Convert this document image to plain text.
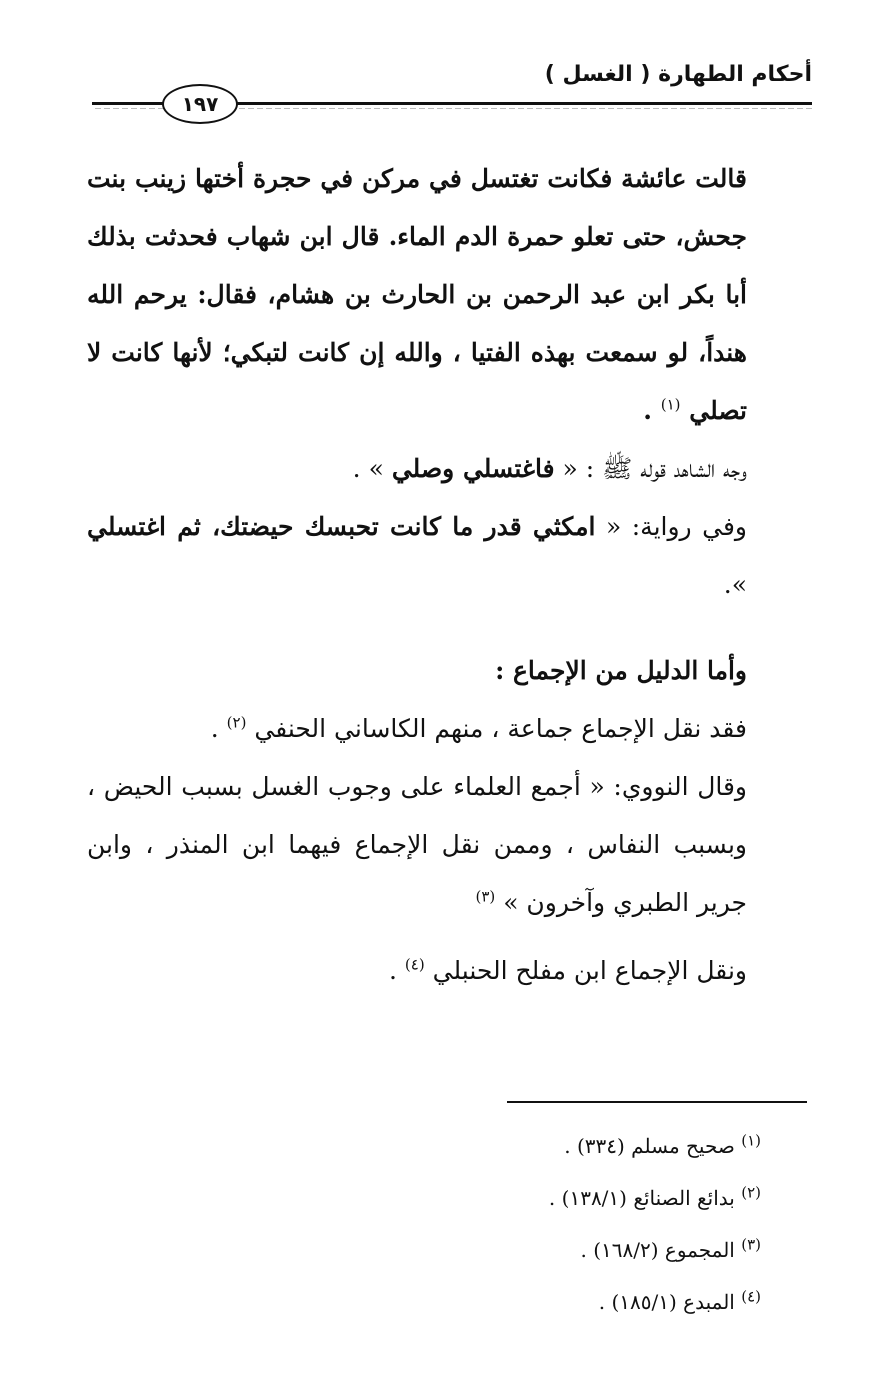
أحكام الطهارة ( الغسل )
١٩٧

قالت عائشة فكانت تغتسل في مركن في حجرة أختها زينب بنت جحش، حتى تعلو حمرة الدم الماء. قال ابن شهاب فحدثت بذلك أبا بكر ابن عبد الرحمن بن الحارث بن هشام، فقال: يرحم الله هنداً، لو سمعت بهذه الفتيا ، والله إن كانت لتبكي؛ لأنها كانت لا تصلي $^{(١)}$ .

وجه الشاهد قوله ﷺ : « فاغتسلي وصلي » .

وفي رواية: « امكثي قدر ما كانت تحبسك حيضتك، ثم اغتسلي ».

وأما الدليل من الإجماع :

فقد نقل الإجماع جماعة ، منهم الكاساني الحنفي $^{(٢)}$ .

وقال النووي: « أجمع العلماء على وجوب الغسل بسبب الحيض ، وبسبب النفاس ، وممن نقل الإجماع فيهما ابن المنذر ، وابن جرير الطبري وآخرون » $^{(٣)}$

ونقل الإجماع ابن مفلح الحنبلي $^{(٤)}$ .

$^{(١)}$ صحيح مسلم (٣٣٤) .

$^{(٢)}$ بدائع الصنائع (١٣٨/١) .

$^{(٣)}$ المجموع (١٦٨/٢) .

$^{(٤)}$ المبدع (١٨٥/١) .
